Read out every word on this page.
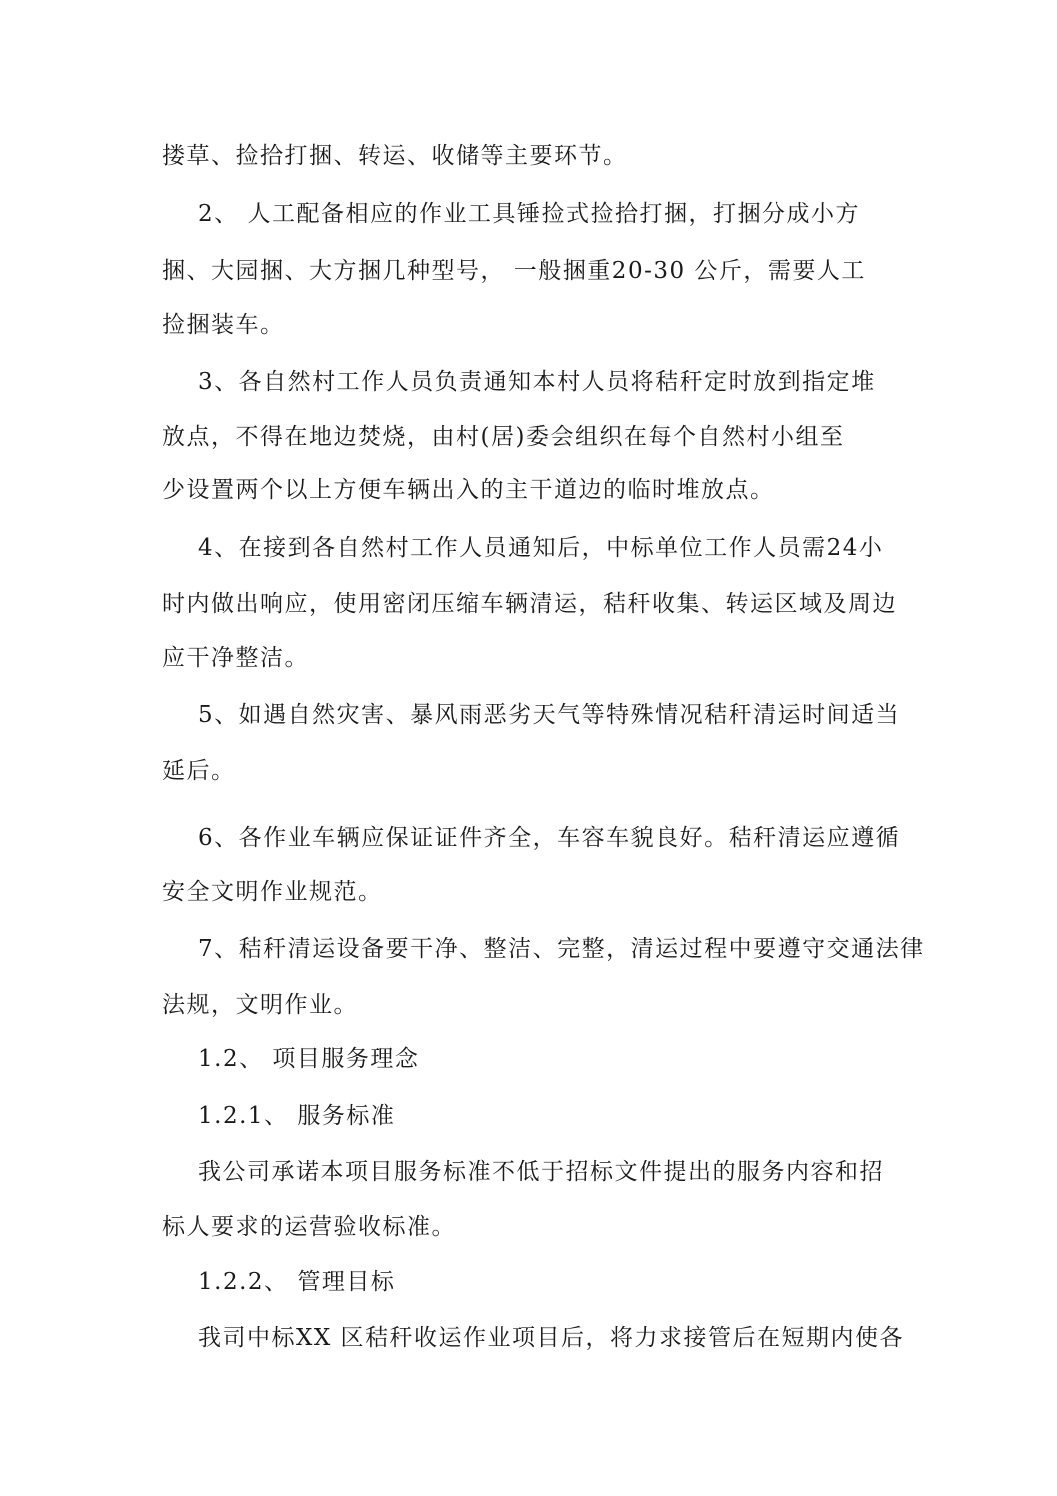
搂草、捡拾打捆、转运、收储等主要环节。
2、 人工配备相应的作业工具锤捡式捡拾打捆，打捆分成小方
捆、大园捆、大方捆几种型号， 一般捆重20-30 公斤，需要人工
捡捆装车。
3、各自然村工作人员负责通知本村人员将秸秆定时放到指定堆
放点，不得在地边焚烧，由村(居)委会组织在每个自然村小组至
少设置两个以上方便车辆出入的主干道边的临时堆放点。
4、在接到各自然村工作人员通知后，中标单位工作人员需24小
时内做出响应，使用密闭压缩车辆清运，秸秆收集、转运区域及周边
应干净整洁。
5、如遇自然灾害、暴风雨恶劣天气等特殊情况秸秆清运时间适当
延后。
6、各作业车辆应保证证件齐全，车容车貌良好。秸秆清运应遵循
安全文明作业规范。
7、秸秆清运设备要干净、整洁、完整，清运过程中要遵守交通法律
法规，文明作业。
1.2、 项目服务理念
1.2.1、 服务标准
我公司承诺本项目服务标准不低于招标文件提出的服务内容和招
标人要求的运营验收标准。
1.2.2、 管理目标
我司中标XX 区秸秆收运作业项目后，将力求接管后在短期内使各
